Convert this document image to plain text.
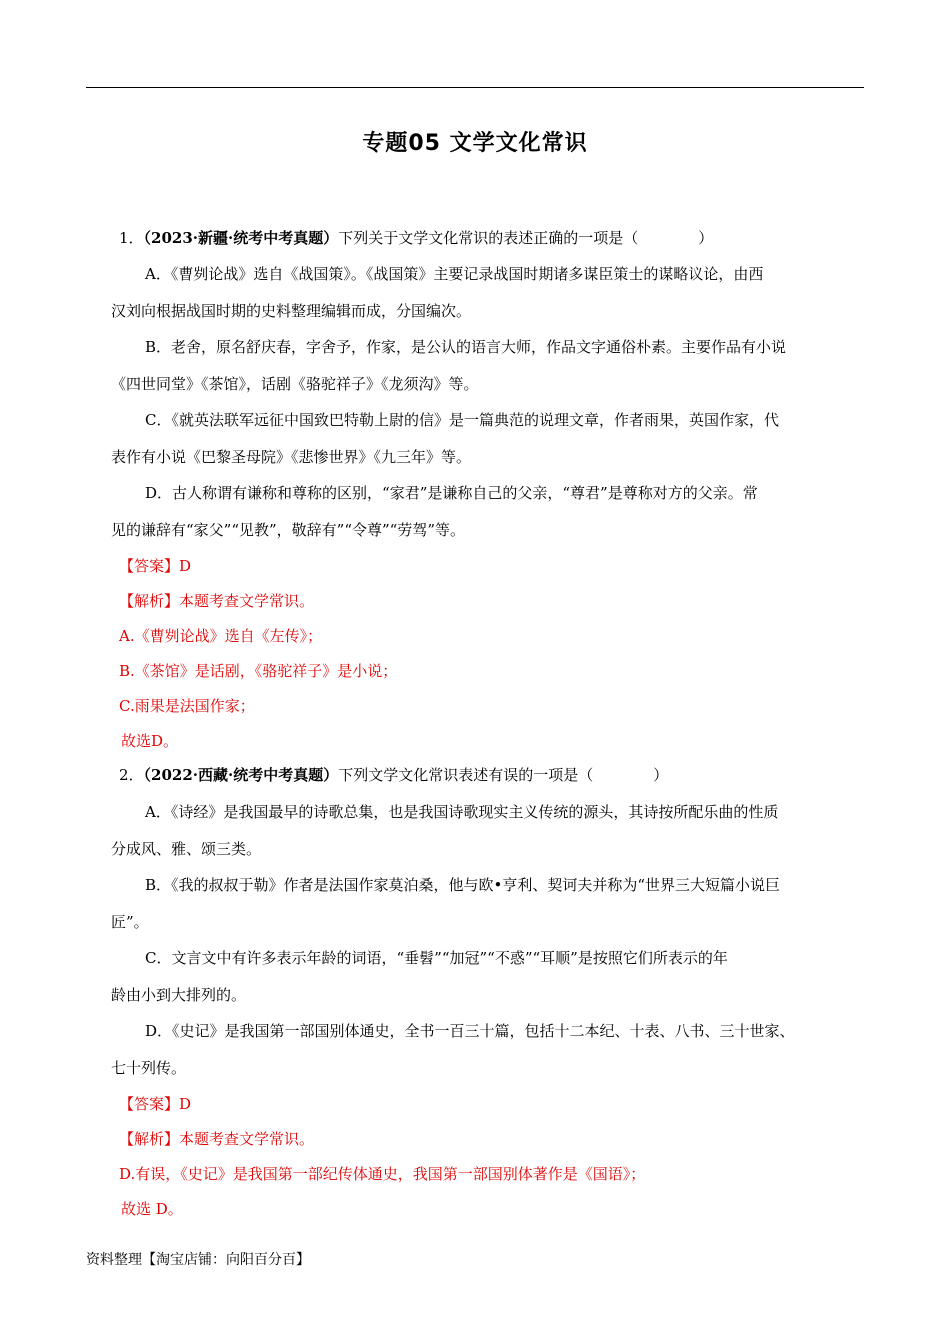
专题05 文学文化常识
1．（2023·新疆·统考中考真题）下列关于文学文化常识的表述正确的一项是（　　　　）
A．《曹刿论战》选自《战国策》。《战国策》主要记录战国时期诸多谋臣策士的谋略议论，由西
汉刘向根据战国时期的史料整理编辑而成，分国编次。
B．老舍，原名舒庆春，字舍予，作家，是公认的语言大师，作品文字通俗朴素。主要作品有小说
《四世同堂》《茶馆》，话剧《骆驼祥子》《龙须沟》等。
C．《就英法联军远征中国致巴特勒上尉的信》是一篇典范的说理文章，作者雨果，英国作家，代
表作有小说《巴黎圣母院》《悲惨世界》《九三年》等。
D．古人称谓有谦称和尊称的区别，“家君”是谦称自己的父亲，“尊君”是尊称对方的父亲。常
见的谦辞有“家父”“见教”，敬辞有”“令尊”“劳驾”等。
【答案】D
【解析】本题考查文学常识。
A.《曹刿论战》选自《左传》；
B.《茶馆》是话剧，《骆驼祥子》是小说；
C.雨果是法国作家；
故选D。
2．（2022·西藏·统考中考真题）下列文学文化常识表述有误的一项是（　　　　）
A．《诗经》是我国最早的诗歌总集，也是我国诗歌现实主义传统的源头，其诗按所配乐曲的性质
分成风、雅、颂三类。
B．《我的叔叔于勒》作者是法国作家莫泊桑，他与欧•亨利、契诃夫并称为“世界三大短篇小说巨
匠”。
C．文言文中有许多表示年龄的词语，“垂髫”“加冠”“不惑”“耳顺”是按照它们所表示的年
龄由小到大排列的。
D．《史记》是我国第一部国别体通史，全书一百三十篇，包括十二本纪、十表、八书、三十世家、
七十列传。
【答案】D
【解析】本题考查文学常识。
D.有误，《史记》是我国第一部纪传体通史，我国第一部国别体著作是《国语》；
故选 D。
资料整理【淘宝店铺：向阳百分百】
